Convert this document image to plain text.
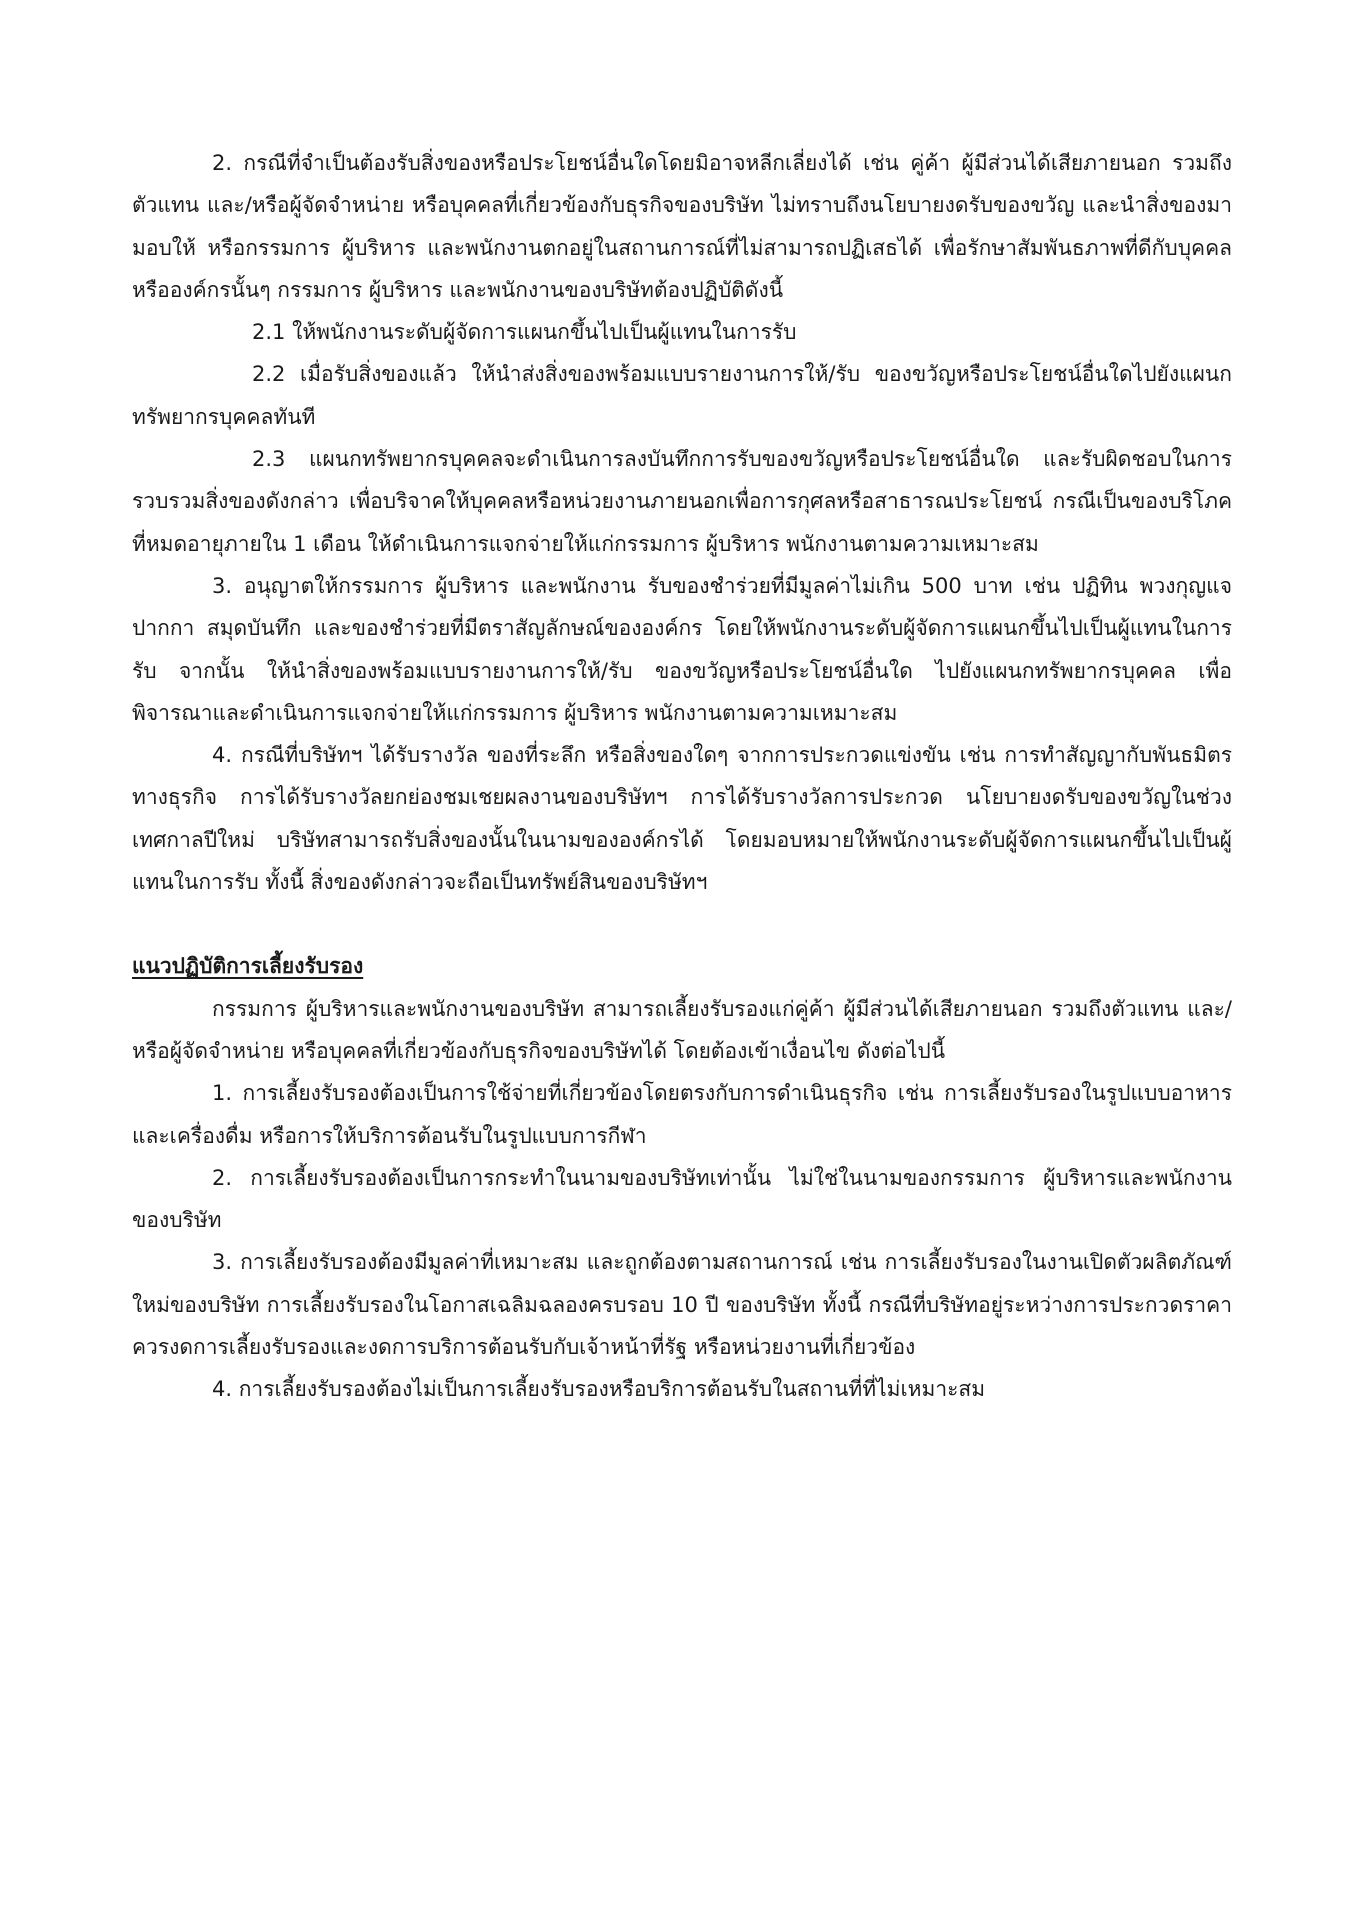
2. กรณีที่จำเป็นต้องรับสิ่งของหรือประโยชน์อื่นใดโดยมิอาจหลีกเลี่ยงได้ เช่น คู่ค้า ผู้มีส่วนได้เสียภายนอก รวมถึงตัวแทน และ/หรือผู้จัดจำหน่าย หรือบุคคลที่เกี่ยวข้องกับธุรกิจของบริษัท ไม่ทราบถึงนโยบายงดรับของขวัญ และนำสิ่งของมามอบให้ หรือกรรมการ ผู้บริหาร และพนักงานตกอยู่ในสถานการณ์ที่ไม่สามารถปฏิเสธได้ เพื่อรักษาสัมพันธภาพที่ดีกับบุคคลหรือองค์กรนั้นๆ กรรมการ ผู้บริหาร และพนักงานของบริษัทต้องปฏิบัติดังนี้

2.1 ให้พนักงานระดับผู้จัดการแผนกขึ้นไปเป็นผู้แทนในการรับ

2.2 เมื่อรับสิ่งของแล้ว ให้นำส่งสิ่งของพร้อมแบบรายงานการให้/รับ ของขวัญหรือประโยชน์อื่นใดไปยังแผนกทรัพยากรบุคคลทันที

2.3 แผนกทรัพยากรบุคคลจะดำเนินการลงบันทึกการรับของขวัญหรือประโยชน์อื่นใด และรับผิดชอบในการรวบรวมสิ่งของดังกล่าว เพื่อบริจาคให้บุคคลหรือหน่วยงานภายนอกเพื่อการกุศลหรือสาธารณประโยชน์ กรณีเป็นของบริโภคที่หมดอายุภายใน 1 เดือน ให้ดำเนินการแจกจ่ายให้แก่กรรมการ ผู้บริหาร พนักงานตามความเหมาะสม

3. อนุญาตให้กรรมการ ผู้บริหาร และพนักงาน รับของชำร่วยที่มีมูลค่าไม่เกิน 500 บาท เช่น ปฏิทิน พวงกุญแจ ปากกา สมุดบันทึก และของชำร่วยที่มีตราสัญลักษณ์ขององค์กร โดยให้พนักงานระดับผู้จัดการแผนกขึ้นไปเป็นผู้แทนในการรับ จากนั้น ให้นำสิ่งของพร้อมแบบรายงานการให้/รับ ของขวัญหรือประโยชน์อื่นใด ไปยังแผนกทรัพยากรบุคคล เพื่อพิจารณาและดำเนินการแจกจ่ายให้แก่กรรมการ ผู้บริหาร พนักงานตามความเหมาะสม

4. กรณีที่บริษัทฯ ได้รับรางวัล ของที่ระลึก หรือสิ่งของใดๆ จากการประกวดแข่งขัน เช่น การทำสัญญากับพันธมิตรทางธุรกิจ การได้รับรางวัลยกย่องชมเชยผลงานของบริษัทฯ การได้รับรางวัลการประกวด นโยบายงดรับของขวัญในช่วงเทศกาลปีใหม่ บริษัทสามารถรับสิ่งของนั้นในนามขององค์กรได้ โดยมอบหมายให้พนักงานระดับผู้จัดการแผนกขึ้นไปเป็นผู้แทนในการรับ ทั้งนี้ สิ่งของดังกล่าวจะถือเป็นทรัพย์สินของบริษัทฯ

แนวปฏิบัติการเลี้ยงรับรอง

กรรมการ ผู้บริหารและพนักงานของบริษัท สามารถเลี้ยงรับรองแก่คู่ค้า ผู้มีส่วนได้เสียภายนอก รวมถึงตัวแทน และ/หรือผู้จัดจำหน่าย หรือบุคคลที่เกี่ยวข้องกับธุรกิจของบริษัทได้ โดยต้องเข้าเงื่อนไข ดังต่อไปนี้

1. การเลี้ยงรับรองต้องเป็นการใช้จ่ายที่เกี่ยวข้องโดยตรงกับการดำเนินธุรกิจ เช่น การเลี้ยงรับรองในรูปแบบอาหารและเครื่องดื่ม หรือการให้บริการต้อนรับในรูปแบบการกีฬา

2. การเลี้ยงรับรองต้องเป็นการกระทำในนามของบริษัทเท่านั้น ไม่ใช่ในนามของกรรมการ ผู้บริหารและพนักงานของบริษัท

3. การเลี้ยงรับรองต้องมีมูลค่าที่เหมาะสม และถูกต้องตามสถานการณ์ เช่น การเลี้ยงรับรองในงานเปิดตัวผลิตภัณฑ์ใหม่ของบริษัท การเลี้ยงรับรองในโอกาสเฉลิมฉลองครบรอบ 10 ปี ของบริษัท ทั้งนี้ กรณีที่บริษัทอยู่ระหว่างการประกวดราคา ควรงดการเลี้ยงรับรองและงดการบริการต้อนรับกับเจ้าหน้าที่รัฐ หรือหน่วยงานที่เกี่ยวข้อง

4. การเลี้ยงรับรองต้องไม่เป็นการเลี้ยงรับรองหรือบริการต้อนรับในสถานที่ที่ไม่เหมาะสม
